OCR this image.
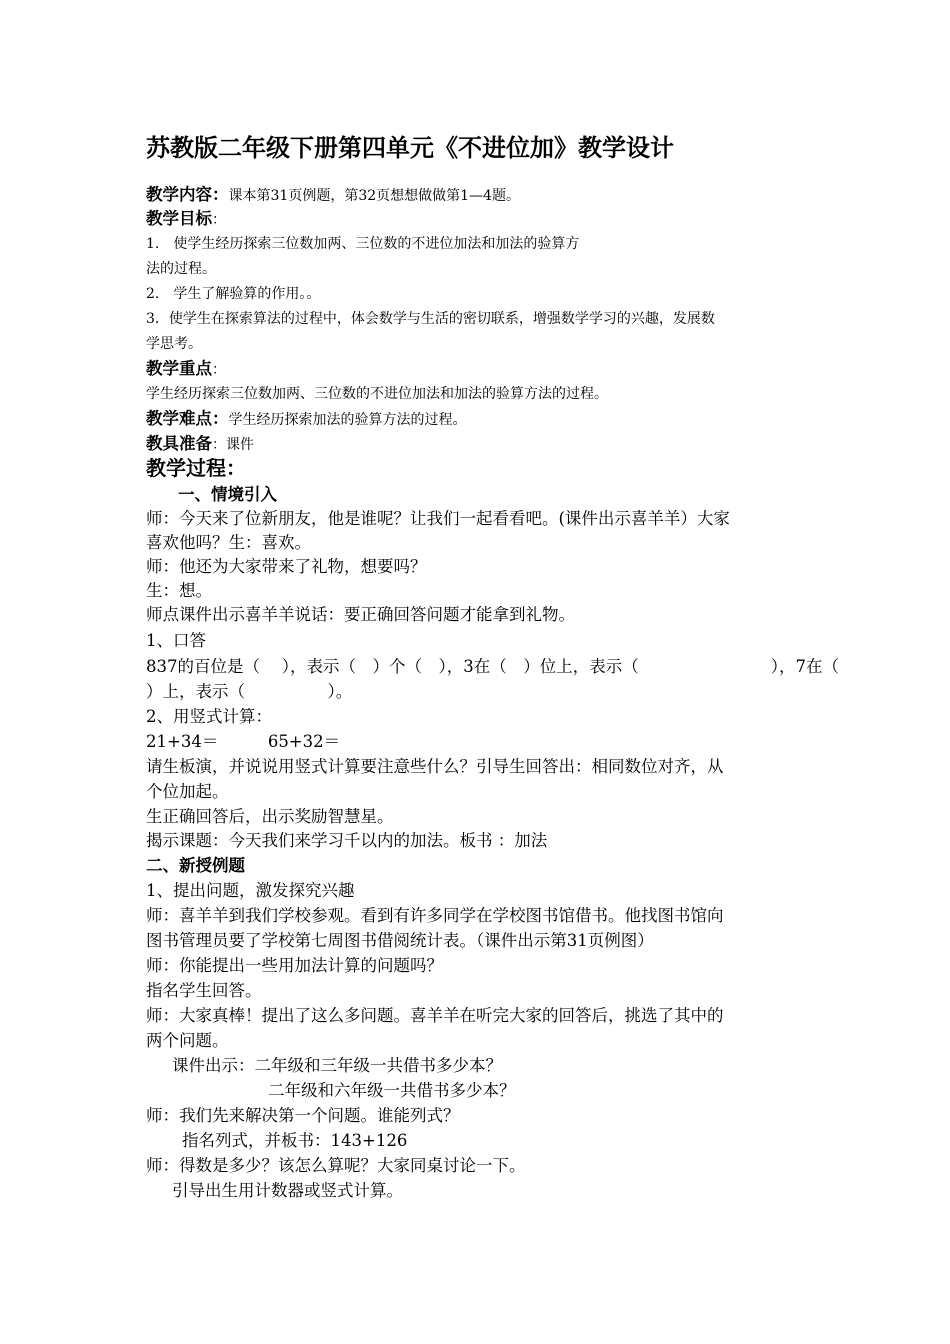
苏教版二年级下册第四单元《不进位加》教学设计
教学内容：课本第31页例题，第32页想想做做第1—4题。
教学目标：
1.　使学生经历探索三位数加两、三位数的不进位加法和加法的验算方
法的过程。
2.　学生了解验算的作用。。
3．使学生在探索算法的过程中，体会数学与生活的密切联系，增强数学学习的兴趣，发展数
学思考。
教学重点：
学生经历探索三位数加两、三位数的不进位加法和加法的验算方法的过程。
教学难点：学生经历探索加法的验算方法的过程。
教具准备：课件
教学过程：
一、情境引入
师：今天来了位新朋友，他是谁呢？让我们一起看看吧。(课件出示喜羊羊）大家
喜欢他吗？生：喜欢。
师：他还为大家带来了礼物，想要吗？
生：想。
师点课件出示喜羊羊说话：要正确回答问题才能拿到礼物。
1、口答
837的百位是（　 ），表示（　）个（　），3在（　）位上，表示（　　　　　　　　），7在（
）上，表示（　　　　　）。
2、用竖式计算：
21+34＝　　　65+32＝
请生板演，并说说用竖式计算要注意些什么？引导生回答出：相同数位对齐，从
个位加起。
生正确回答后，出示奖励智慧星。
揭示课题：今天我们来学习千以内的加法。板书 ：加法
二、新授例题
1、提出问题，激发探究兴趣
师：喜羊羊到我们学校参观。看到有许多同学在学校图书馆借书。他找图书馆向
图书管理员要了学校第七周图书借阅统计表。（课件出示第31页例图）
师：你能提出一些用加法计算的问题吗？
指名学生回答。
师：大家真棒！提出了这么多问题。喜羊羊在听完大家的回答后，挑选了其中的
两个问题。
课件出示：二年级和三年级一共借书多少本？
二年级和六年级一共借书多少本？
师：我们先来解决第一个问题。谁能列式？
指名列式，并板书：143+126
师：得数是多少？该怎么算呢？大家同桌讨论一下。
引导出生用计数器或竖式计算。
